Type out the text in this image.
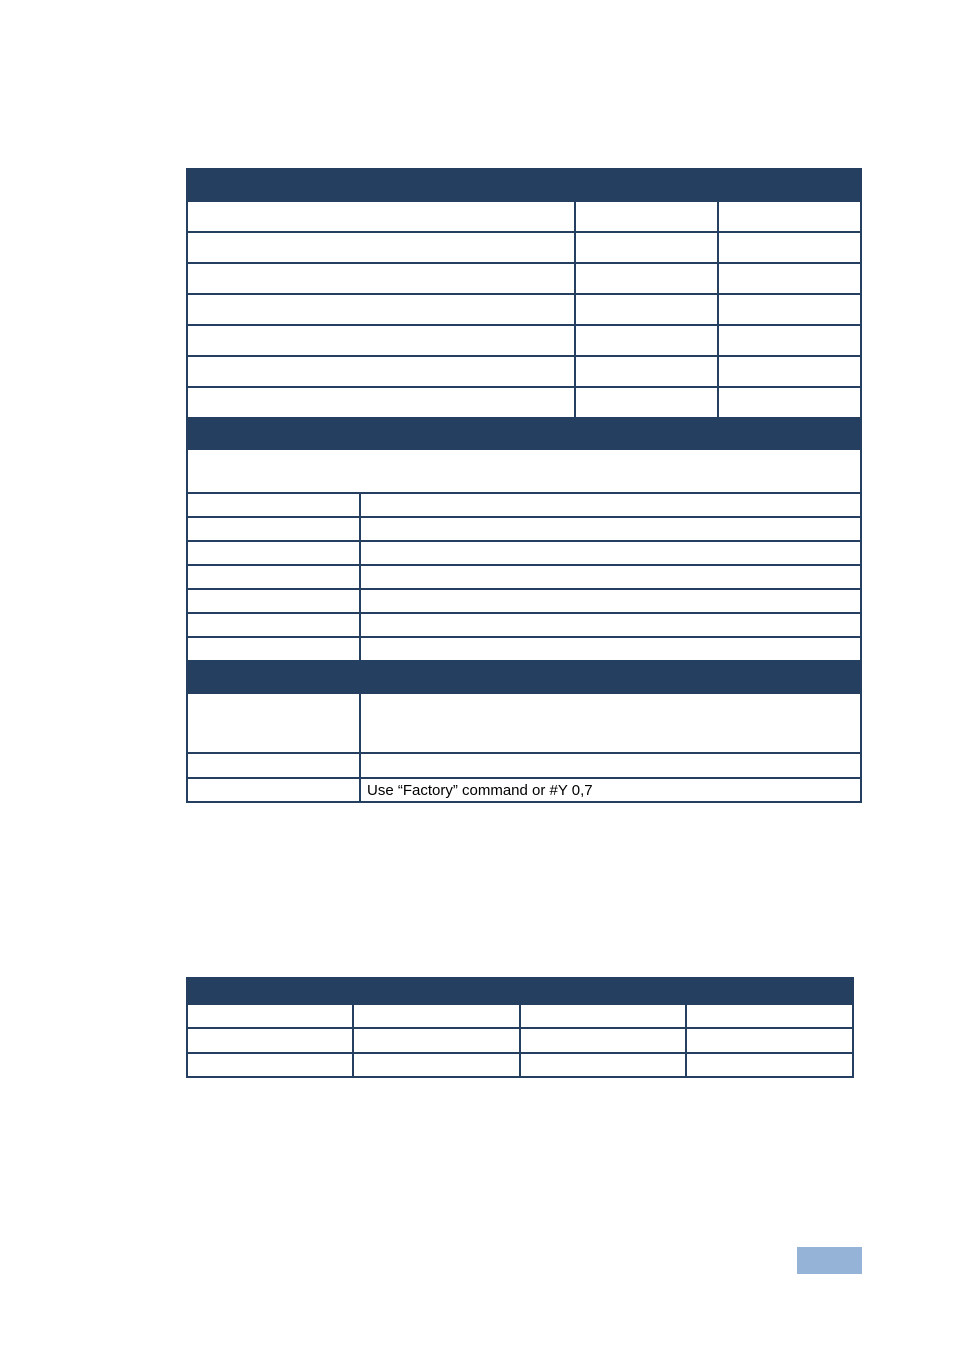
	Use “Factory” command or #Y 0,7		
